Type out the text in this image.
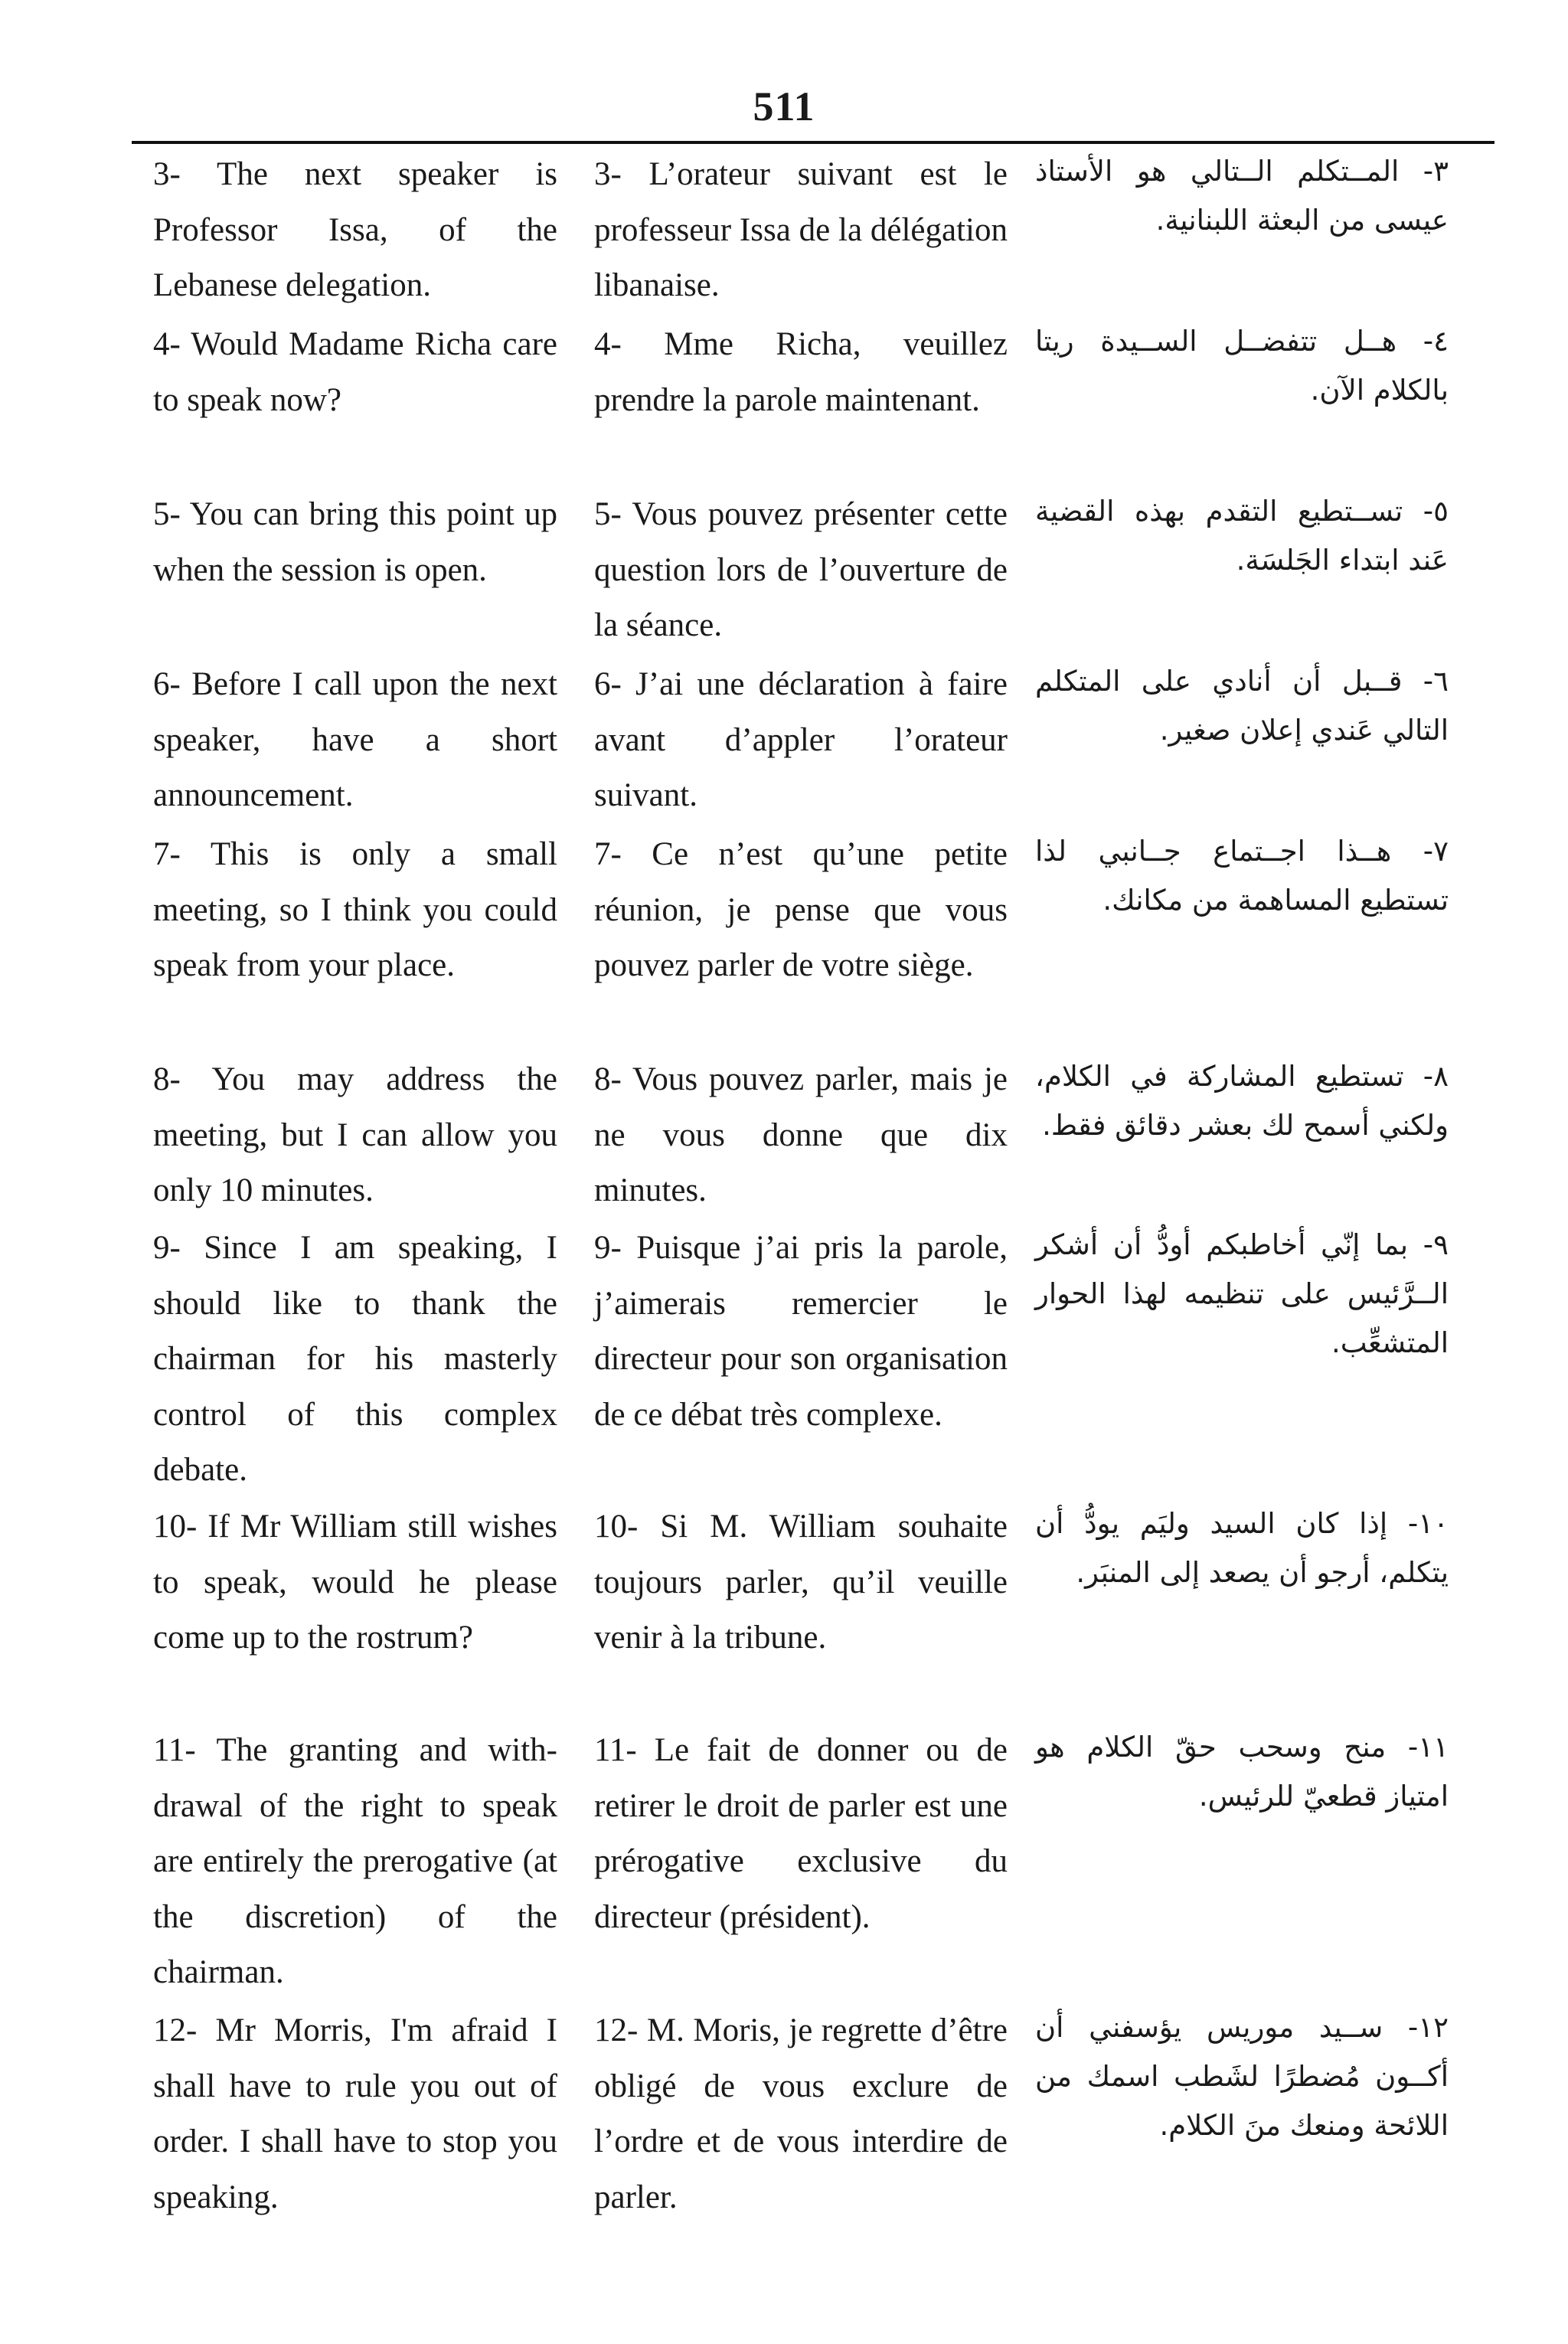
511
3- The next speaker is Professor Issa, of the Lebanese delegation.
3- L’orateur suivant est le professeur Issa de la délégation libanaise.
٣- المــتكلم الــتالي هو الأستاذ عيسى من البعثة اللبنانية.
4- Would Madame Richa care to speak now?
4- Mme Richa, veuillez prendre la parole maintenant.
٤- هــل تتفضــل الســيدة ريتا بالكلام الآن.
5- You can bring this point up when the session is open.
5- Vous pouvez présenter cette question lors de l’ouverture de la séance.
٥- تســتطيع التقدم بهذه القضية عَند ابتداء الجَلسَة.
6- Before I call upon the next speaker, have a short announcement.
6- J’ai une déclaration à faire avant d’appler l’orateur suivant.
٦- قــبل أن أنادي على المتكلم التالي عَندي إعلان صغير.
7- This is only a small meeting, so I think you could speak from your place.
7- Ce n’est qu’une petite réunion, je pense que vous pouvez parler de votre siège.
٧- هــذا اجــتماع جــانبي لذا تستطيع المساهمة من مكانك.
8- You may address the meeting, but I can allow you only 10 minutes.
8- Vous pouvez parler, mais je ne vous donne que dix minutes.
٨- تستطيع المشاركة في الكلام، ولكني أسمح لك بعشر دقائق فقط.
9- Since I am speaking, I should like to thank the chairman for his masterly control of this complex debate.
9- Puisque j’ai pris la parole, j’aimerais remercier le directeur pour son organisation de ce débat très complexe.
٩- بما إنّي أخاطبكم أودُّ أن أشكر الــرَّئيس على تنظيمه لهذا الحوار المتشعِّب.
10- If Mr William still wishes to speak, would he please come up to the rostrum?
10- Si M. William souhaite toujours parler, qu’il veuille venir à la tribune.
١٠- إذا كان السيد وليَم يودُّ أن يتكلم، أرجو أن يصعد إلى المنبَر.
11- The granting and withdrawal of the right to speak are entirely the prerogative (at the discretion) of the chairman.
11- Le fait de donner ou de retirer le droit de parler est une prérogative exclusive du directeur (président).
١١- منح وسحب حقّ الكلام هو امتياز قطعيّ للرئيس.
12- Mr Morris, I'm afraid I shall have to rule you out of order. I shall have to stop you speaking.
12- M. Moris, je regrette d’être obligé de vous exclure de l’ordre et de vous interdire de parler.
١٢- ســيد موريس يؤسفني أن أكــون مُضطرًا لشَطب اسمك من اللائحة ومنعك منَ الكلام.
